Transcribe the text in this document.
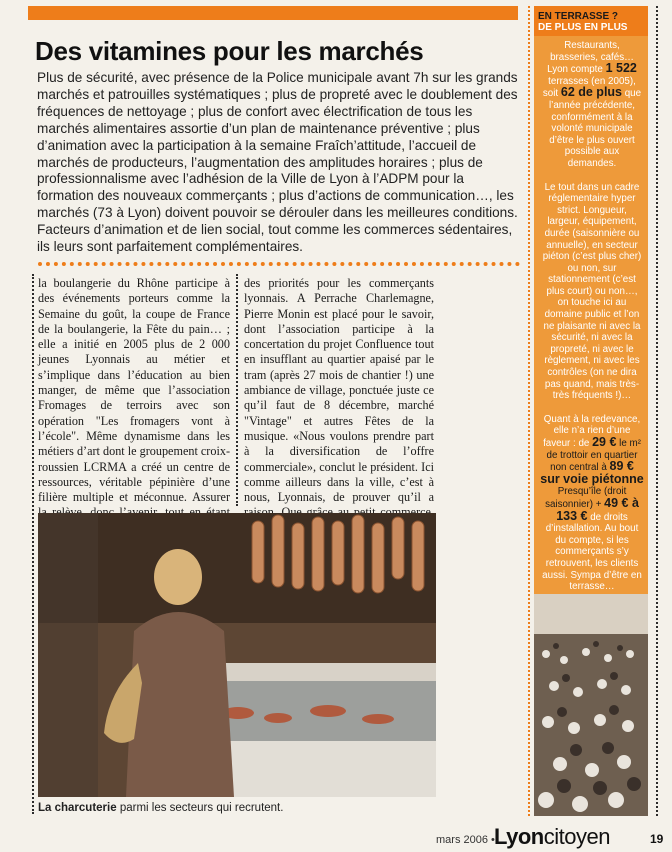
Des vitamines pour les marchés

Plus de sécurité, avec présence de la Police municipale avant 7h sur les grands marchés et patrouilles systématiques ; plus de propreté avec le doublement des fréquences de nettoyage ; plus de confort avec électrification de tous les marchés alimentaires assortie d’un plan de maintenance préventive ; plus d’animation avec la participation à la semaine Fraîch’attitude, l’accueil de marchés de producteurs, l’augmentation des amplitudes horaires ; plus de professionnalisme avec l’adhésion de la Ville de Lyon à l’ADPM pour la formation des nouveaux commerçants ; plus d’actions de communication…, les marchés (73 à Lyon) doivent pouvoir se dérouler dans les meilleures conditions. Facteurs d’animation et de lien social, tout comme les commerces sédentaires, ils leurs sont parfaitement complémentaires.

la boulangerie du Rhône participe à des événements porteurs comme la Semaine du goût, la coupe de France de la boulangerie, la Fête du pain… ; elle a initié en 2005 plus de 2 000 jeunes Lyonnais au métier et s’implique dans l’éducation au bien manger, de même que l’association Fromages de terroirs avec son opération "Les fromagers vont à l’école". Même dynamisme dans les métiers d’art dont le groupement croix-roussien LCRMA a créé un centre de ressources, véritable pépinière d’une filière multiple et méconnue. Assurer

des priorités pour les commerçants lyonnais. A Perrache Charlemagne, Pierre Monin est placé pour le savoir, dont l’association participe à la concertation du projet Confluence tout en insufflant au quartier apaisé par le tram (après 27 mois de chantier !) une ambiance de village, ponctuée juste ce qu’il faut de 8 décembre, marché "Vintage" et autres Fêtes de la musique. «Nous voulons prendre part à la diversification de l’offre commerciale», conclut le président. Ici comme ailleurs dans la ville, c’est à nous, Lyonnais, de prouver qu’il a

La charcuterie parmi les secteurs qui recrutent.

mars 2006 • Lyoncitoyen	19
EN TERRASSE ?
DE PLUS EN PLUS

Restaurants, brasseries, cafés… Lyon compte 1 522 terrasses (en 2005), soit 62 de plus que l’année précédente, conformément à la volonté municipale d’être le plus ouvert possible aux demandes.

Le tout dans un cadre réglementaire hyper strict. Longueur, largeur, équipement, durée (saisonnière ou annuelle), en secteur piéton (c’est plus cher) ou non, sur stationnement (c’est plus court) ou non…, on touche ici au domaine public et l’on ne plaisante ni avec la sécurité, ni avec la propreté, ni avec le règlement, ni avec les contrôles (on ne dira pas quand, mais très-très fréquents !)…

Quant à la redevance, elle n’a rien d’une faveur : de 29 € le m² de trottoir en quartier non central à 89 € sur voie piétonne Presqu’île (droit saisonnier) + 49 € à 133 € de droits d’installation. Au bout du compte, si les commerçants s’y retrouvent, les clients aussi. Sympa d’être en terrasse…
